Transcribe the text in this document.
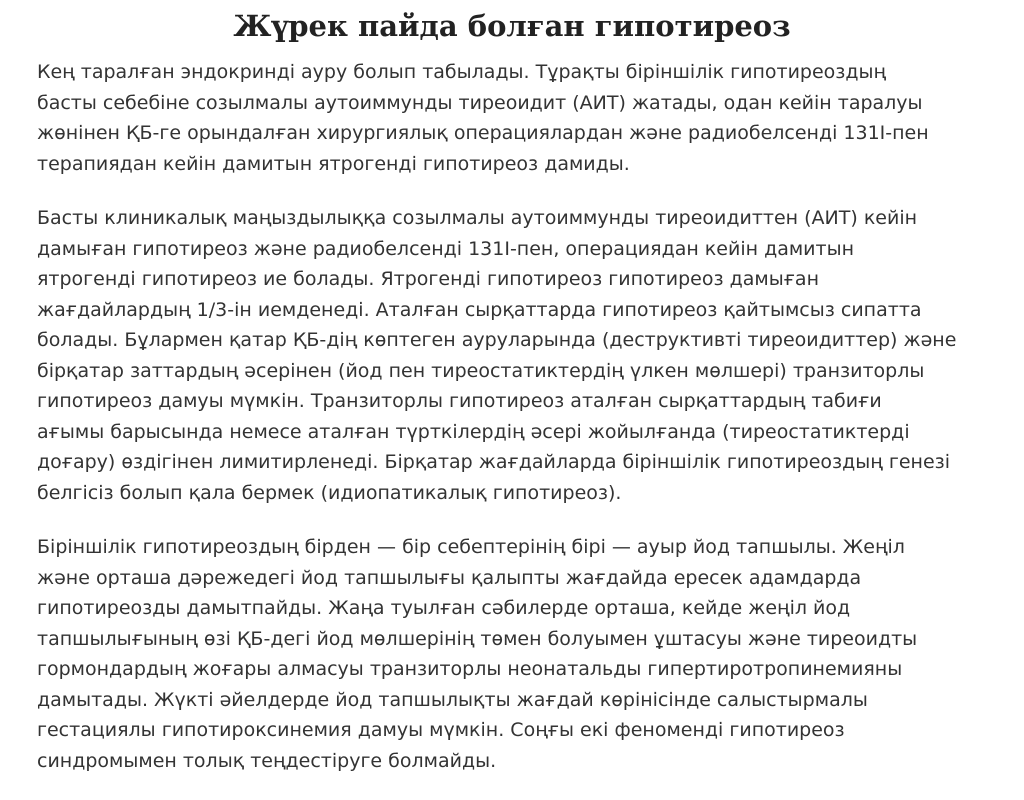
Жүрек пайда болған гипотиреоз

Кең таралған эндокринді ауру болып табылады. Тұрақты біріншілік гипотиреоздың
басты себебіне созылмалы аутоиммунды тиреоидит (АИТ) жатады, одан кейін таралуы
жөнінен ҚБ-ге орындалған хирургиялық операциялардан және радиобелсенді 131I-пен
терапиядан кейін дамитын ятрогенді гипотиреоз дамиды.

Басты клиникалық маңыздылыққа созылмалы аутоиммунды тиреоидиттен (АИТ) кейін
дамыған гипотиреоз және радиобелсенді 131I-пен, операциядан кейін дамитын
ятрогенді гипотиреоз ие болады. Ятрогенді гипотиреоз гипотиреоз дамыған
жағдайлардың 1/3-ін иемденеді. Аталған сырқаттарда гипотиреоз қайтымсыз сипатта
болады. Бұлармен қатар ҚБ-дің көптеген ауруларында (деструктивті тиреоидиттер) және
бірқатар заттардың әсерінен (йод пен тиреостатиктердің үлкен мөлшері) транзиторлы
гипотиреоз дамуы мүмкін. Транзиторлы гипотиреоз аталған сырқаттардың табиғи
ағымы барысында немесе аталған түрткілердің әсері жойылғанда (тиреостатиктерді
доғару) өздігінен лимитирленеді. Бірқатар жағдайларда біріншілік гипотиреоздың генезі
белгісіз болып қала бермек (идиопатикалық гипотиреоз).

Біріншілік гипотиреоздың бірден — бір себептерінің бірі — ауыр йод тапшылы. Жеңіл
және орташа дәрежедегі йод тапшылығы қалыпты жағдайда ересек адамдарда
гипотиреозды дамытпайды. Жаңа туылған сәбилерде орташа, кейде жеңіл йод
тапшылығының өзі ҚБ-дегі йод мөлшерінің төмен болуымен ұштасуы және тиреоидты
гормондардың жоғары алмасуы транзиторлы неонатальды гипертиротропинемияны
дамытады. Жүкті әйелдерде йод тапшылықты жағдай көрінісінде салыстырмалы
гестациялы гипотироксинемия дамуы мүмкін. Соңғы екі феноменді гипотиреоз
синдромымен толық теңдестіруге болмайды.
